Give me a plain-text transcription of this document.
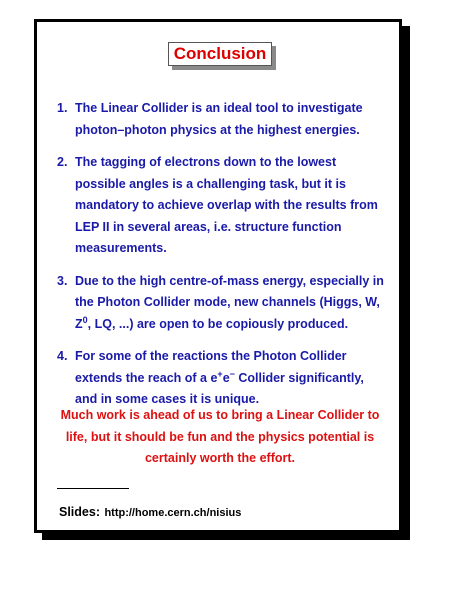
Conclusion
1. The Linear Collider is an ideal tool to investigate photon–photon physics at the highest energies.
2. The tagging of electrons down to the lowest possible angles is a challenging task, but it is mandatory to achieve overlap with the results from LEP II in several areas, i.e. structure function measurements.
3. Due to the high centre-of-mass energy, especially in the Photon Collider mode, new channels (Higgs, W, $Z^0$, LQ, ...) are open to be copiously produced.
4. For some of the reactions the Photon Collider extends the reach of a e+e− Collider significantly, and in some cases it is unique.
Much work is ahead of us to bring a Linear Collider to life, but it should be fun and the physics potential is certainly worth the effort.
Slides: http://home.cern.ch/nisius
